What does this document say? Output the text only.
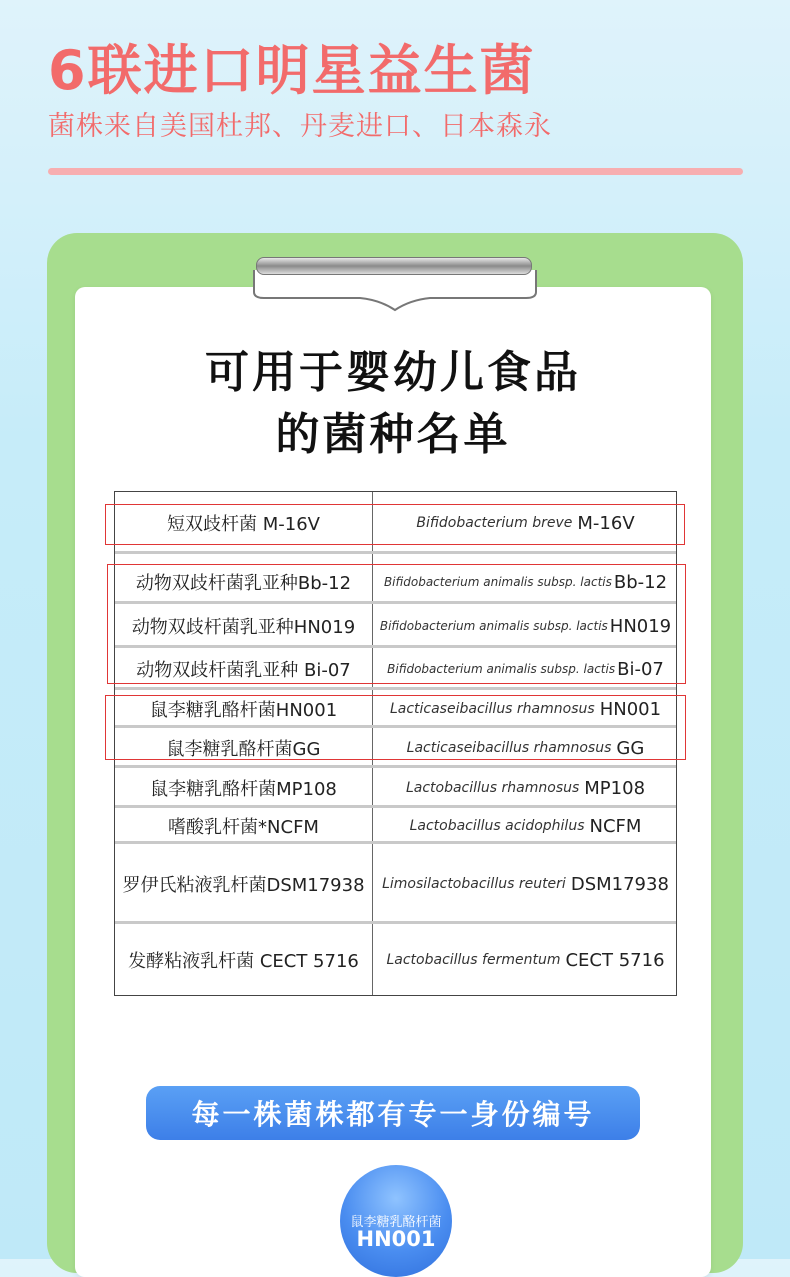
6联进口明星益生菌
菌株来自美国杜邦、丹麦进口、日本森永
可用于婴幼儿食品
的菌种名单
短双歧杆菌 M-16V	Bifidobacterium breve M-16V
动物双歧杆菌乳亚种Bb-12	Bifidobacterium animalis subsp. lactis Bb-12
动物双歧杆菌乳亚种HN019	Bifidobacterium animalis subsp. lactis HN019
动物双歧杆菌乳亚种 Bi-07	Bifidobacterium animalis subsp. lactis Bi-07
鼠李糖乳酪杆菌HN001	Lacticaseibacillus rhamnosus HN001
鼠李糖乳酪杆菌GG	Lacticaseibacillus rhamnosus GG
鼠李糖乳酪杆菌MP108	Lactobacillus rhamnosus MP108
嗜酸乳杆菌*NCFM	Lactobacillus acidophilus NCFM
罗伊氏粘液乳杆菌DSM17938	Limosilactobacillus reuteri DSM17938
发酵粘液乳杆菌 CECT 5716	Lactobacillus fermentum CECT 5716
每一株菌株都有专一身份编号
鼠李糖乳酪杆菌
HN001
